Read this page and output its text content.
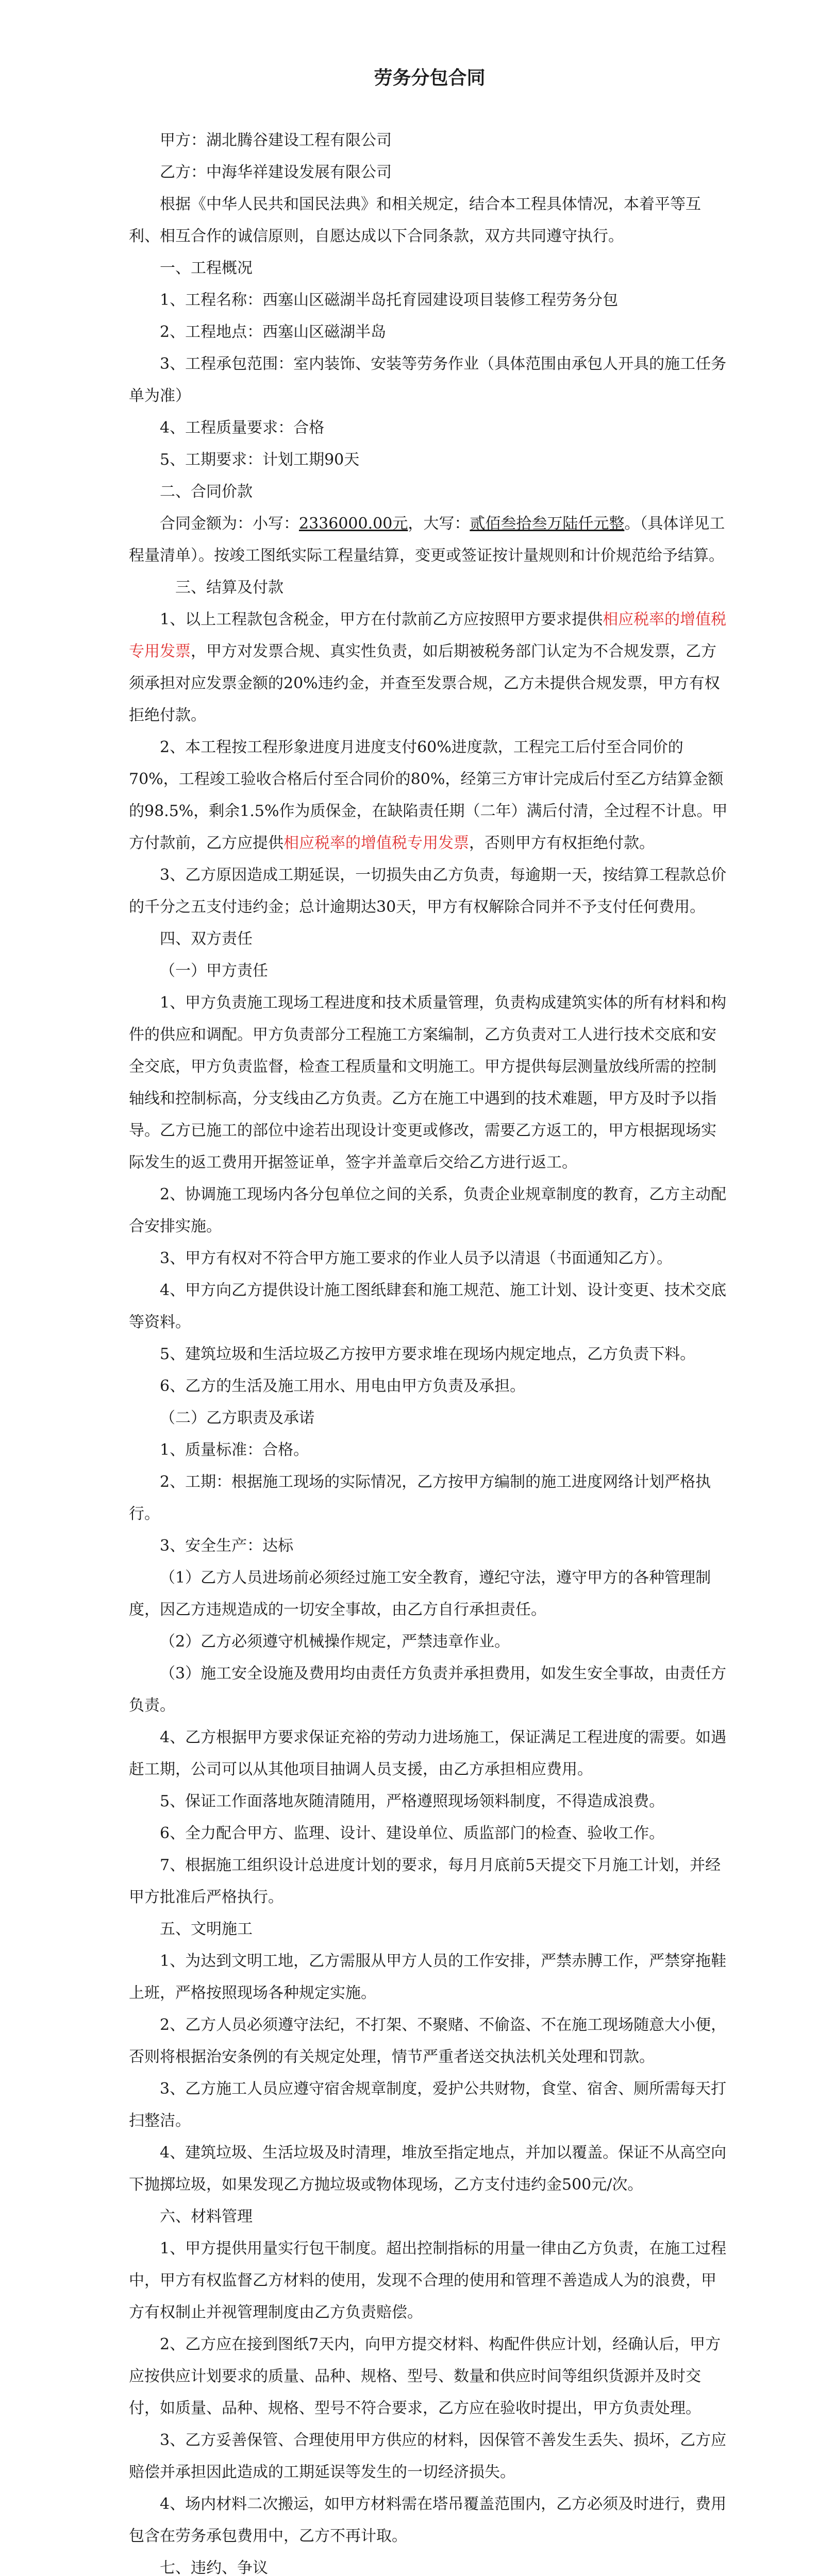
劳务分包合同

甲方：湖北腾谷建设工程有限公司

乙方：中海华祥建设发展有限公司

根据《中华人民共和国民法典》和相关规定，结合本工程具体情况，本着平等互利、相互合作的诚信原则，自愿达成以下合同条款，双方共同遵守执行。

一、工程概况

1、工程名称：西塞山区磁湖半岛托育园建设项目装修工程劳务分包

2、工程地点：西塞山区磁湖半岛

3、工程承包范围：室内装饰、安装等劳务作业（具体范围由承包人开具的施工任务单为准）

4、工程质量要求：合格

5、工期要求：计划工期90天

二、合同价款

合同金额为：小写：2336000.00元，大写：贰佰叁拾叁万陆仟元整。（具体详见工程量清单）。按竣工图纸实际工程量结算，变更或签证按计量规则和计价规范给予结算。

三、结算及付款

1、以上工程款包含税金，甲方在付款前乙方应按照甲方要求提供相应税率的增值税专用发票，甲方对发票合规、真实性负责，如后期被税务部门认定为不合规发票，乙方须承担对应发票金额的20%违约金，并查至发票合规，乙方未提供合规发票，甲方有权拒绝付款。

2、本工程按工程形象进度月进度支付60%进度款，工程完工后付至合同价的70%，工程竣工验收合格后付至合同价的80%，经第三方审计完成后付至乙方结算金额的98.5%，剩余1.5%作为质保金，在缺陷责任期（二年）满后付清，全过程不计息。甲方付款前，乙方应提供相应税率的增值税专用发票，否则甲方有权拒绝付款。

3、乙方原因造成工期延误，一切损失由乙方负责，每逾期一天，按结算工程款总价的千分之五支付违约金；总计逾期达30天，甲方有权解除合同并不予支付任何费用。

四、双方责任

（一）甲方责任

1、甲方负责施工现场工程进度和技术质量管理，负责构成建筑实体的所有材料和构件的供应和调配。甲方负责部分工程施工方案编制，乙方负责对工人进行技术交底和安全交底，甲方负责监督，检查工程质量和文明施工。甲方提供每层测量放线所需的控制轴线和控制标高，分支线由乙方负责。乙方在施工中遇到的技术难题，甲方及时予以指导。乙方已施工的部位中途若出现设计变更或修改，需要乙方返工的，甲方根据现场实际发生的返工费用开据签证单，签字并盖章后交给乙方进行返工。

2、协调施工现场内各分包单位之间的关系，负责企业规章制度的教育，乙方主动配合安排实施。

3、甲方有权对不符合甲方施工要求的作业人员予以清退（书面通知乙方）。

4、甲方向乙方提供设计施工图纸肆套和施工规范、施工计划、设计变更、技术交底等资料。

5、建筑垃圾和生活垃圾乙方按甲方要求堆在现场内规定地点，乙方负责下料。

6、乙方的生活及施工用水、用电由甲方负责及承担。

（二）乙方职责及承诺

1、质量标准：合格。

2、工期：根据施工现场的实际情况，乙方按甲方编制的施工进度网络计划严格执行。

3、安全生产：达标

（1）乙方人员进场前必须经过施工安全教育，遵纪守法，遵守甲方的各种管理制度，因乙方违规造成的一切安全事故，由乙方自行承担责任。

（2）乙方必须遵守机械操作规定，严禁违章作业。

（3）施工安全设施及费用均由责任方负责并承担费用，如发生安全事故，由责任方负责。

4、乙方根据甲方要求保证充裕的劳动力进场施工，保证满足工程进度的需要。如遇赶工期，公司可以从其他项目抽调人员支援，由乙方承担相应费用。

5、保证工作面落地灰随清随用，严格遵照现场领料制度，不得造成浪费。

6、全力配合甲方、监理、设计、建设单位、质监部门的检查、验收工作。

7、根据施工组织设计总进度计划的要求，每月月底前5天提交下月施工计划，并经甲方批准后严格执行。

五、文明施工

1、为达到文明工地，乙方需服从甲方人员的工作安排，严禁赤膊工作，严禁穿拖鞋上班，严格按照现场各种规定实施。

2、乙方人员必须遵守法纪，不打架、不聚赌、不偷盗、不在施工现场随意大小便，否则将根据治安条例的有关规定处理，情节严重者送交执法机关处理和罚款。

3、乙方施工人员应遵守宿舍规章制度，爱护公共财物，食堂、宿舍、厕所需每天打扫整洁。

4、建筑垃圾、生活垃圾及时清理，堆放至指定地点，并加以覆盖。保证不从高空向下抛掷垃圾，如果发现乙方抛垃圾或物体现场，乙方支付违约金500元/次。

六、材料管理

1、甲方提供用量实行包干制度。超出控制指标的用量一律由乙方负责，在施工过程中，甲方有权监督乙方材料的使用，发现不合理的使用和管理不善造成人为的浪费，甲方有权制止并视管理制度由乙方负责赔偿。

2、乙方应在接到图纸7天内，向甲方提交材料、构配件供应计划，经确认后，甲方应按供应计划要求的质量、品种、规格、型号、数量和供应时间等组织货源并及时交付，如质量、品种、规格、型号不符合要求，乙方应在验收时提出，甲方负责处理。

3、乙方妥善保管、合理使用甲方供应的材料，因保管不善发生丢失、损坏，乙方应赔偿并承担因此造成的工期延误等发生的一切经济损失。

4、场内材料二次搬运，如甲方材料需在塔吊覆盖范围内，乙方必须及时进行，费用包含在劳务承包费用中，乙方不再计取。

七、违约、争议
